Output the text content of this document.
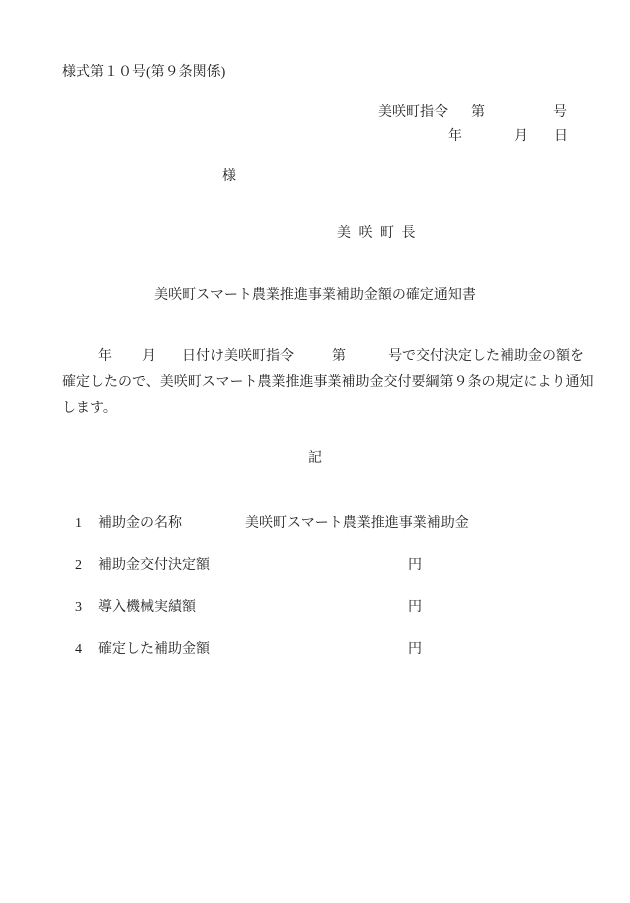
様式第１０号(第９条関係)
美咲町指令 第	号
年	月 日
様
美 咲 町 長
美咲町スマート農業推進事業補助金額の確定通知書
年 月 日付け美咲町指令	第	号で交付決定した補助金の額を
確定したので、美咲町スマート農業推進事業補助金交付要綱第９条の規定により通知
します。
記
1 補助金の名称	美咲町スマート農業推進事業補助金
2 補助金交付決定額	円
3 導入機械実績額	円
4 確定した補助金額	円
